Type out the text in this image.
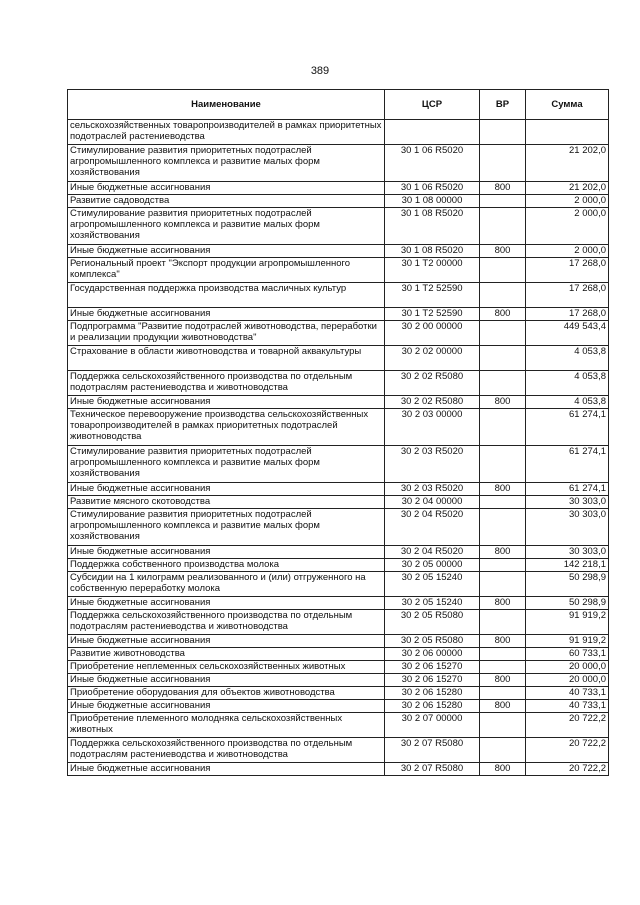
389
Наименование	ЦСР	ВР	Сумма
сельскохозяйственных товаропроизводителей в рамках приоритетных подотраслей растениеводства			
Стимулирование развития приоритетных подотраслей агропромышленного комплекса и развитие малых форм хозяйствования	30 1 06 R5020		21 202,0
Иные бюджетные ассигнования	30 1 06 R5020	800	21 202,0
Развитие садоводства	30 1 08 00000		2 000,0
Стимулирование развития приоритетных подотраслей агропромышленного комплекса и развитие малых форм хозяйствования	30 1 08 R5020		2 000,0
Иные бюджетные ассигнования	30 1 08 R5020	800	2 000,0
Региональный проект "Экспорт продукции агропромышленного комплекса"	30 1 T2 00000		17 268,0
Государственная поддержка производства масличных культур	30 1 T2 52590		17 268,0
Иные бюджетные ассигнования	30 1 T2 52590	800	17 268,0
Подпрограмма "Развитие подотраслей животноводства, переработки и реализации продукции животноводства"	30 2 00 00000		449 543,4
Страхование в области животноводства и товарной аквакультуры	30 2 02 00000		4 053,8
Поддержка сельскохозяйственного производства по отдельным подотраслям растениеводства и животноводства	30 2 02 R5080		4 053,8
Иные бюджетные ассигнования	30 2 02 R5080	800	4 053,8
Техническое перевооружение производства сельскохозяйственных товаропроизводителей в рамках приоритетных подотраслей животноводства	30 2 03 00000		61 274,1
Стимулирование развития приоритетных подотраслей агропромышленного комплекса и развитие малых форм хозяйствования	30 2 03 R5020		61 274,1
Иные бюджетные ассигнования	30 2 03 R5020	800	61 274,1
Развитие мясного скотоводства	30 2 04 00000		30 303,0
Стимулирование развития приоритетных подотраслей агропромышленного комплекса и развитие малых форм хозяйствования	30 2 04 R5020		30 303,0
Иные бюджетные ассигнования	30 2 04 R5020	800	30 303,0
Поддержка собственного производства молока	30 2 05 00000		142 218,1
Субсидии на 1 килограмм реализованного и (или) отгруженного на собственную переработку молока	30 2 05 15240		50 298,9
Иные бюджетные ассигнования	30 2 05 15240	800	50 298,9
Поддержка сельскохозяйственного производства по отдельным подотраслям растениеводства и животноводства	30 2 05 R5080		91 919,2
Иные бюджетные ассигнования	30 2 05 R5080	800	91 919,2
Развитие животноводства	30 2 06 00000		60 733,1
Приобретение неплеменных сельскохозяйственных животных	30 2 06 15270		20 000,0
Иные бюджетные ассигнования	30 2 06 15270	800	20 000,0
Приобретение оборудования для объектов животноводства	30 2 06 15280		40 733,1
Иные бюджетные ассигнования	30 2 06 15280	800	40 733,1
Приобретение племенного молодняка сельскохозяйственных животных	30 2 07 00000		20 722,2
Поддержка сельскохозяйственного производства по отдельным подотраслям растениеводства и животноводства	30 2 07 R5080		20 722,2
Иные бюджетные ассигнования	30 2 07 R5080	800	20 722,2
